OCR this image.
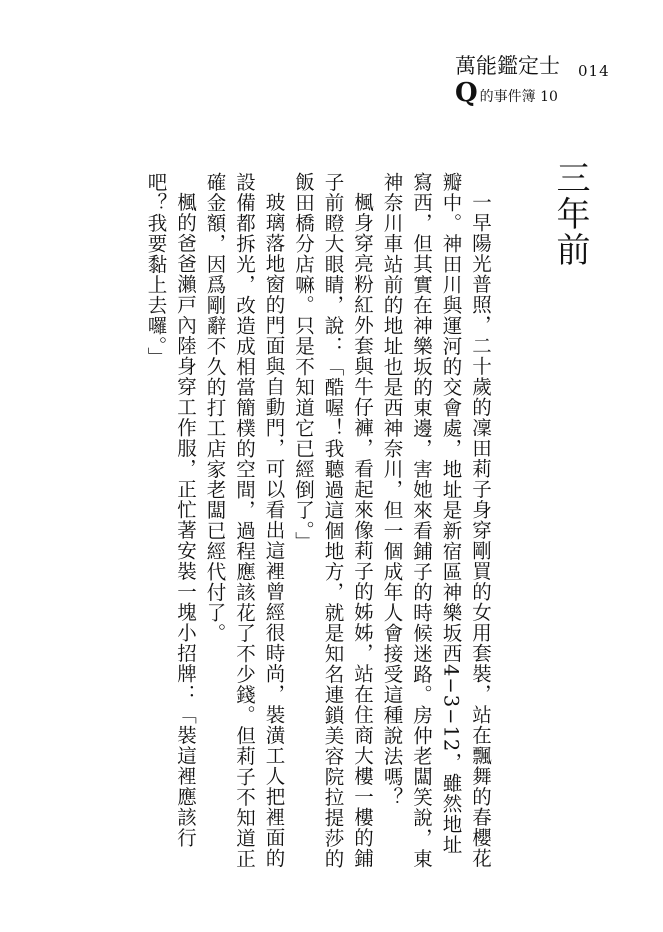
萬能鑑定士
Q 的事件簿 10
014
三年前

一早陽光普照，二十歲的凜田莉子身穿剛買的女用套裝，站在飄舞的春櫻花瓣中。神田川與運河的交會處，地址是新宿區神樂坂西4−3−12，雖然地址寫西，但其實在神樂坂的東邊，害她來看鋪子的時候迷路。房仲老闆笑說，東神奈川車站前的地址也是西神奈川，但一個成年人會接受這種說法嗎？

楓身穿亮粉紅外套與牛仔褲，看起來像莉子的姊姊，站在住商大樓一樓的鋪子前瞪大眼睛，說：「酷喔！我聽過這個地方，就是知名連鎖美容院拉提莎的飯田橋分店嘛。只是不知道它已經倒了。」

玻璃落地窗的門面與自動門，可以看出這裡曾經很時尚，裝潢工人把裡面的設備都拆光，改造成相當簡樸的空間，過程應該花了不少錢。但莉子不知道正確金額，因爲剛辭不久的打工店家老闆已經代付了。

楓的爸爸瀨戸內陸身穿工作服，正忙著安裝一塊小招牌：「裝這裡應該行吧？我要黏上去囉。」
